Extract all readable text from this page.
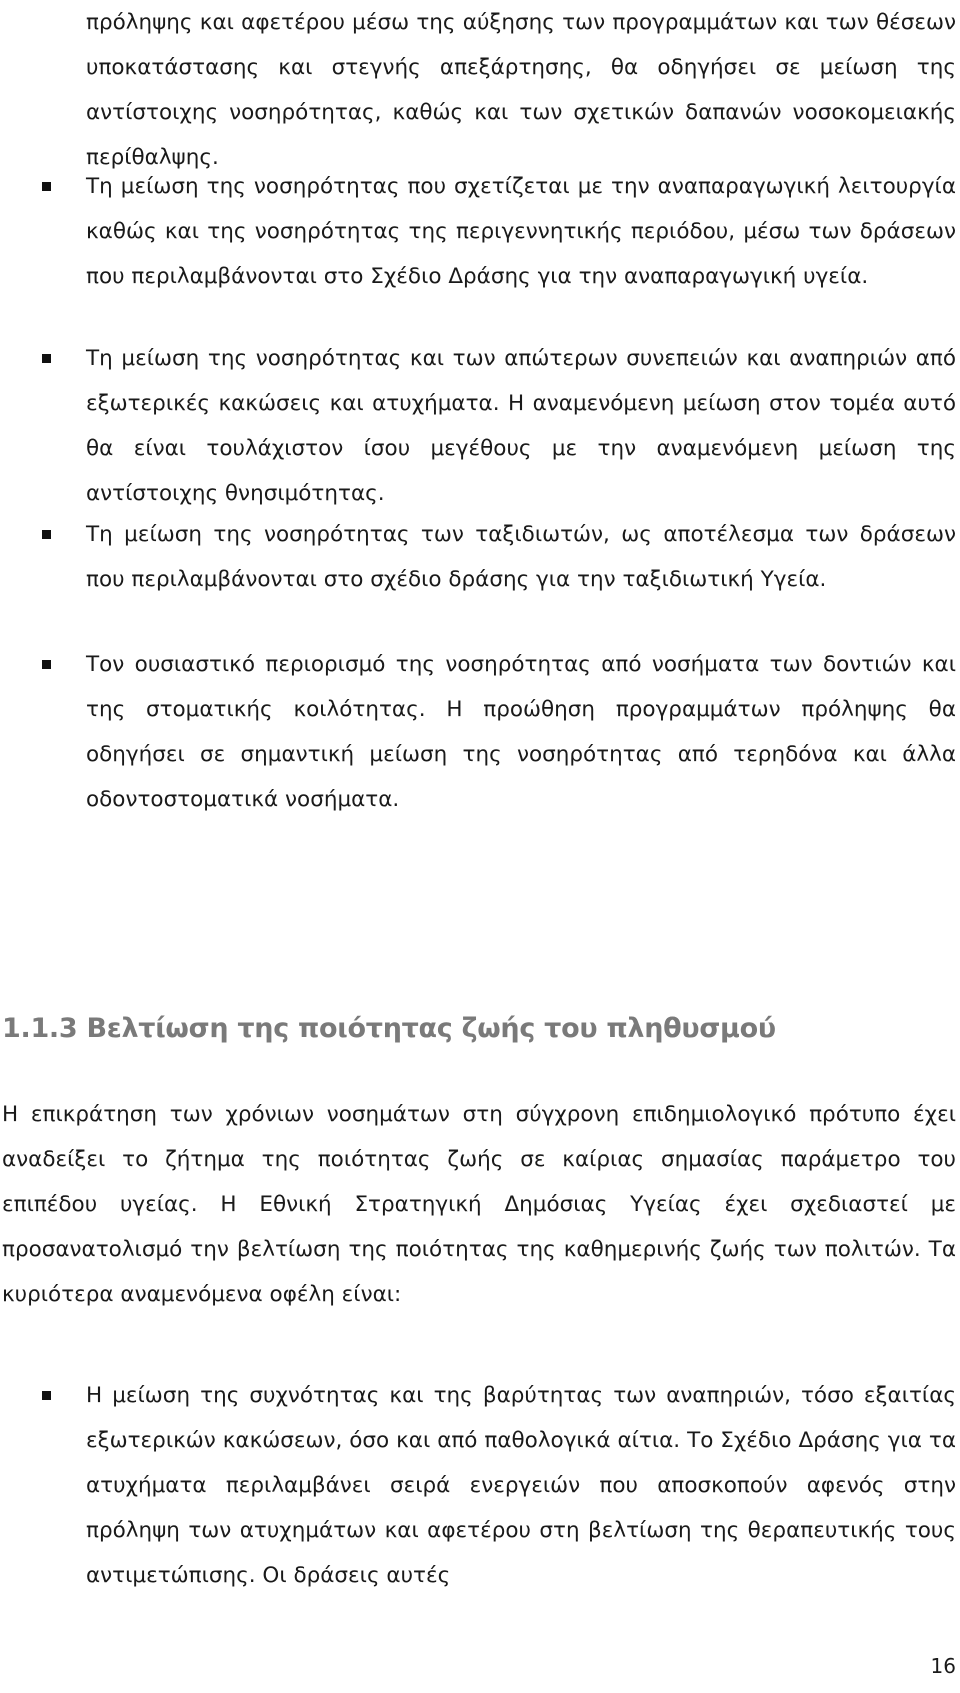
πρόληψης και αφετέρου μέσω της αύξησης των προγραμμάτων και των θέσεων υποκατάστασης και στεγνής απεξάρτησης, θα οδηγήσει σε μείωση της αντίστοιχης νοσηρότητας, καθώς και των σχετικών δαπανών νοσοκομειακής περίθαλψης.

Τη μείωση της νοσηρότητας που σχετίζεται με την αναπαραγωγική λειτουργία καθώς και της νοσηρότητας της περιγεννητικής περιόδου, μέσω των δράσεων που περιλαμβάνονται στο Σχέδιο Δράσης για την αναπαραγωγική υγεία.

Τη μείωση της νοσηρότητας και των απώτερων συνεπειών και αναπηριών από εξωτερικές κακώσεις και ατυχήματα. Η αναμενόμενη μείωση στον τομέα αυτό θα είναι τουλάχιστον ίσου μεγέθους με την αναμενόμενη μείωση της αντίστοιχης θνησιμότητας.

Τη μείωση της νοσηρότητας των ταξιδιωτών, ως αποτέλεσμα των δράσεων που περιλαμβάνονται στο σχέδιο δράσης για την ταξιδιωτική Υγεία.

Τον ουσιαστικό περιορισμό της νοσηρότητας από νοσήματα των δοντιών και της στοματικής κοιλότητας. Η προώθηση προγραμμάτων πρόληψης θα οδηγήσει σε σημαντική μείωση της νοσηρότητας από τερηδόνα και άλλα οδοντοστοματικά νοσήματα.

1.1.3 Βελτίωση της ποιότητας ζωής του πληθυσμού

Η επικράτηση των χρόνιων νοσημάτων στη σύγχρονη επιδημιολογικό πρότυπο έχει αναδείξει το ζήτημα της ποιότητας ζωής σε καίριας σημασίας παράμετρο του επιπέδου υγείας. Η Εθνική Στρατηγική Δημόσιας Υγείας έχει σχεδιαστεί με προσανατολισμό την βελτίωση της ποιότητας της καθημερινής ζωής των πολιτών. Τα κυριότερα αναμενόμενα οφέλη είναι:

Η μείωση της συχνότητας και της βαρύτητας των αναπηριών, τόσο εξαιτίας εξωτερικών κακώσεων, όσο και από παθολογικά αίτια. Το Σχέδιο Δράσης για τα ατυχήματα περιλαμβάνει σειρά ενεργειών που αποσκοπούν αφενός στην πρόληψη των ατυχημάτων και αφετέρου στη βελτίωση της θεραπευτικής τους αντιμετώπισης. Οι δράσεις αυτές

16
